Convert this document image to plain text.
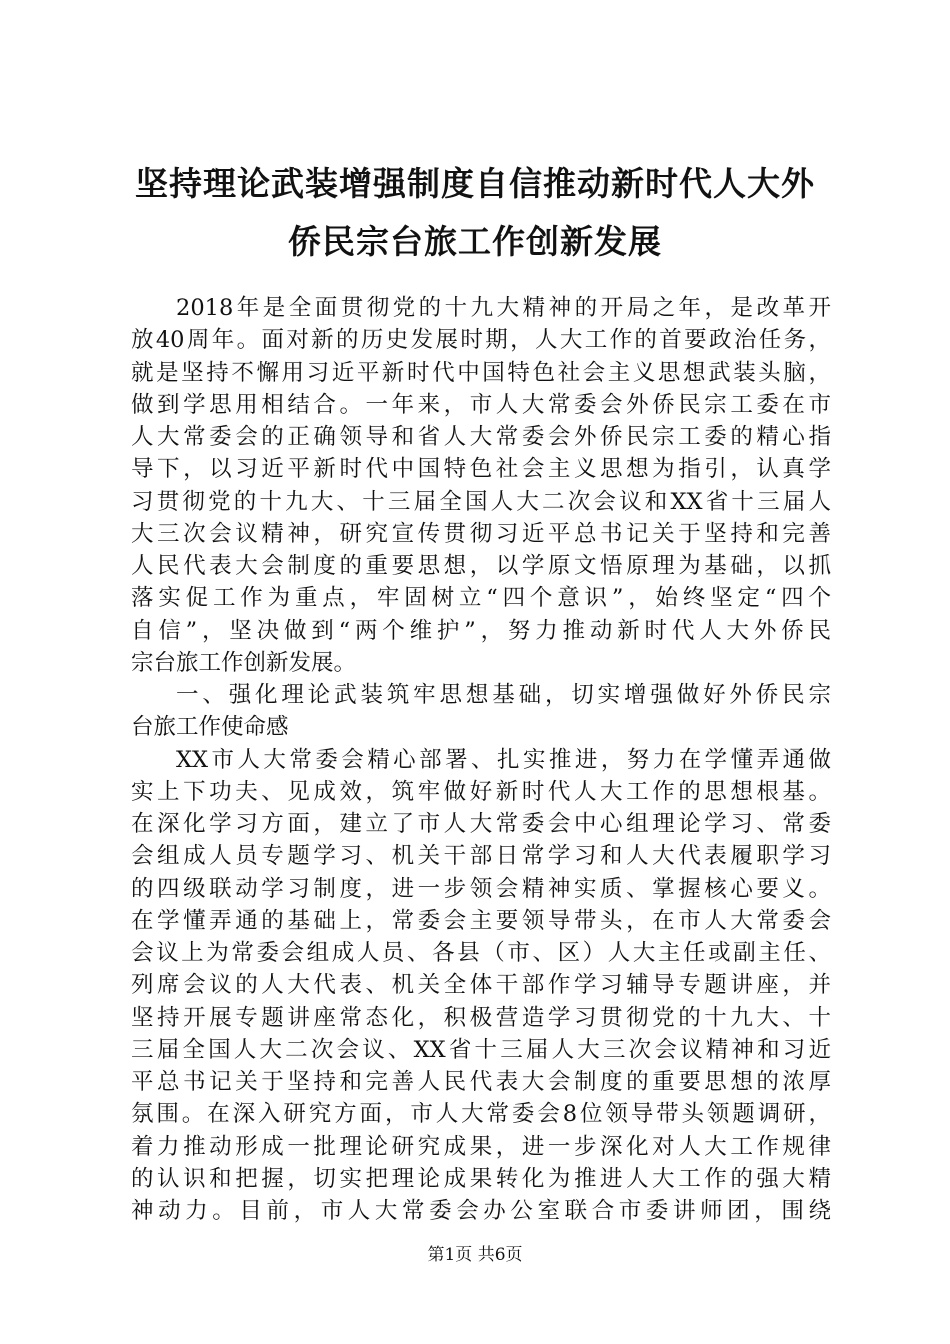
坚持理论武装增强制度自信推动新时代人大外
侨民宗台旅工作创新发展
2018年是全面贯彻党的十九大精神的开局之年，是改革开
放40周年。面对新的历史发展时期，人大工作的首要政治任务，
就是坚持不懈用习近平新时代中国特色社会主义思想武装头脑，
做到学思用相结合。一年来，市人大常委会外侨民宗工委在市
人大常委会的正确领导和省人大常委会外侨民宗工委的精心指
导下，以习近平新时代中国特色社会主义思想为指引，认真学
习贯彻党的十九大、十三届全国人大二次会议和XX省十三届人
大三次会议精神，研究宣传贯彻习近平总书记关于坚持和完善
人民代表大会制度的重要思想，以学原文悟原理为基础，以抓
落实促工作为重点，牢固树立“四个意识”，始终坚定“四个
自信”，坚决做到“两个维护”，努力推动新时代人大外侨民
宗台旅工作创新发展。
一、强化理论武装筑牢思想基础，切实增强做好外侨民宗
台旅工作使命感
XX市人大常委会精心部署、扎实推进，努力在学懂弄通做
实上下功夫、见成效，筑牢做好新时代人大工作的思想根基。
在深化学习方面，建立了市人大常委会中心组理论学习、常委
会组成人员专题学习、机关干部日常学习和人大代表履职学习
的四级联动学习制度，进一步领会精神实质、掌握核心要义。
在学懂弄通的基础上，常委会主要领导带头，在市人大常委会
会议上为常委会组成人员、各县（市、区）人大主任或副主任、
列席会议的人大代表、机关全体干部作学习辅导专题讲座，并
坚持开展专题讲座常态化，积极营造学习贯彻党的十九大、十
三届全国人大二次会议、XX省十三届人大三次会议精神和习近
平总书记关于坚持和完善人民代表大会制度的重要思想的浓厚
氛围。在深入研究方面，市人大常委会8位领导带头领题调研，
着力推动形成一批理论研究成果，进一步深化对人大工作规律
的认识和把握，切实把理论成果转化为推进人大工作的强大精
神动力。目前，市人大常委会办公室联合市委讲师团，围绕
第1页 共6页
